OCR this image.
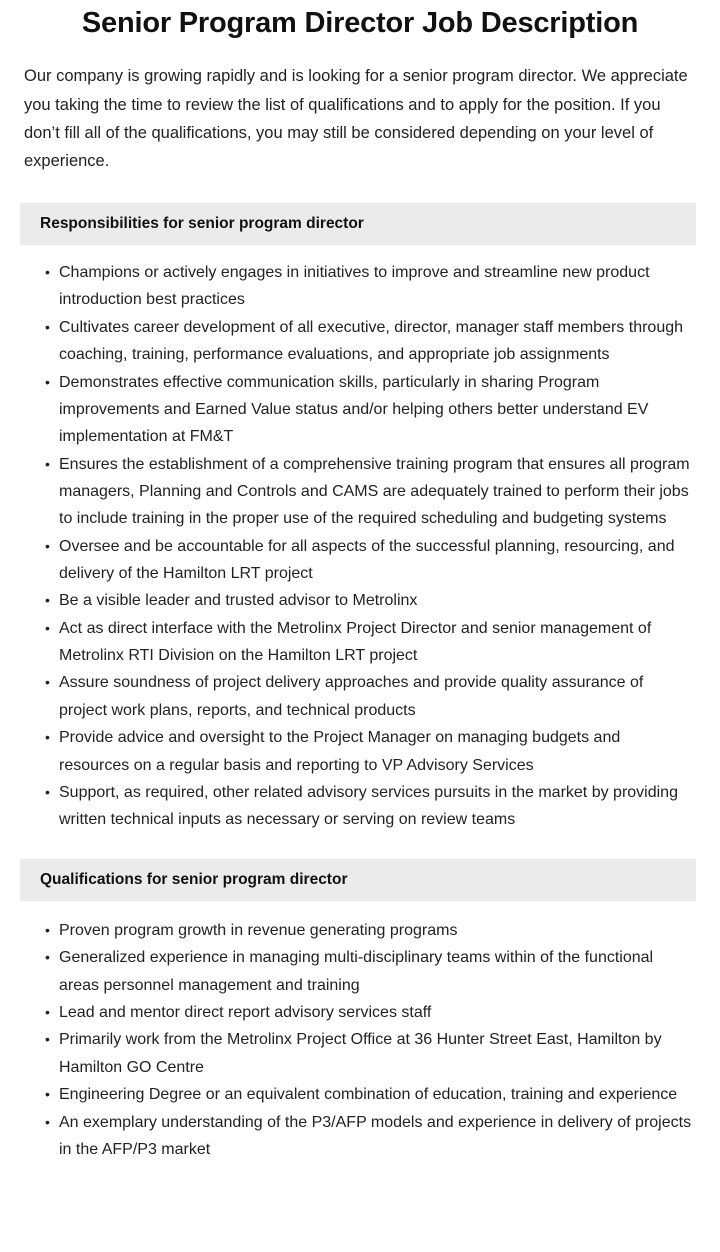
Senior Program Director Job Description

Our company is growing rapidly and is looking for a senior program director. We appreciate you taking the time to review the list of qualifications and to apply for the position. If you don’t fill all of the qualifications, you may still be considered depending on your level of experience.

Responsibilities for senior program director
• Champions or actively engages in initiatives to improve and streamline new product introduction best practices
• Cultivates career development of all executive, director, manager staff members through coaching, training, performance evaluations, and appropriate job assignments
• Demonstrates effective communication skills, particularly in sharing Program improvements and Earned Value status and/or helping others better understand EV implementation at FM&T
• Ensures the establishment of a comprehensive training program that ensures all program managers, Planning and Controls and CAMS are adequately trained to perform their jobs to include training in the proper use of the required scheduling and budgeting systems
• Oversee and be accountable for all aspects of the successful planning, resourcing, and delivery of the Hamilton LRT project
• Be a visible leader and trusted advisor to Metrolinx
• Act as direct interface with the Metrolinx Project Director and senior management of Metrolinx RTI Division on the Hamilton LRT project
• Assure soundness of project delivery approaches and provide quality assurance of project work plans, reports, and technical products
• Provide advice and oversight to the Project Manager on managing budgets and resources on a regular basis and reporting to VP Advisory Services
• Support, as required, other related advisory services pursuits in the market by providing written technical inputs as necessary or serving on review teams
Qualifications for senior program director
• Proven program growth in revenue generating programs
• Generalized experience in managing multi-disciplinary teams within of the functional areas personnel management and training
• Lead and mentor direct report advisory services staff
• Primarily work from the Metrolinx Project Office at 36 Hunter Street East, Hamilton by Hamilton GO Centre
• Engineering Degree or an equivalent combination of education, training and experience
• An exemplary understanding of the P3/AFP models and experience in delivery of projects in the AFP/P3 market
